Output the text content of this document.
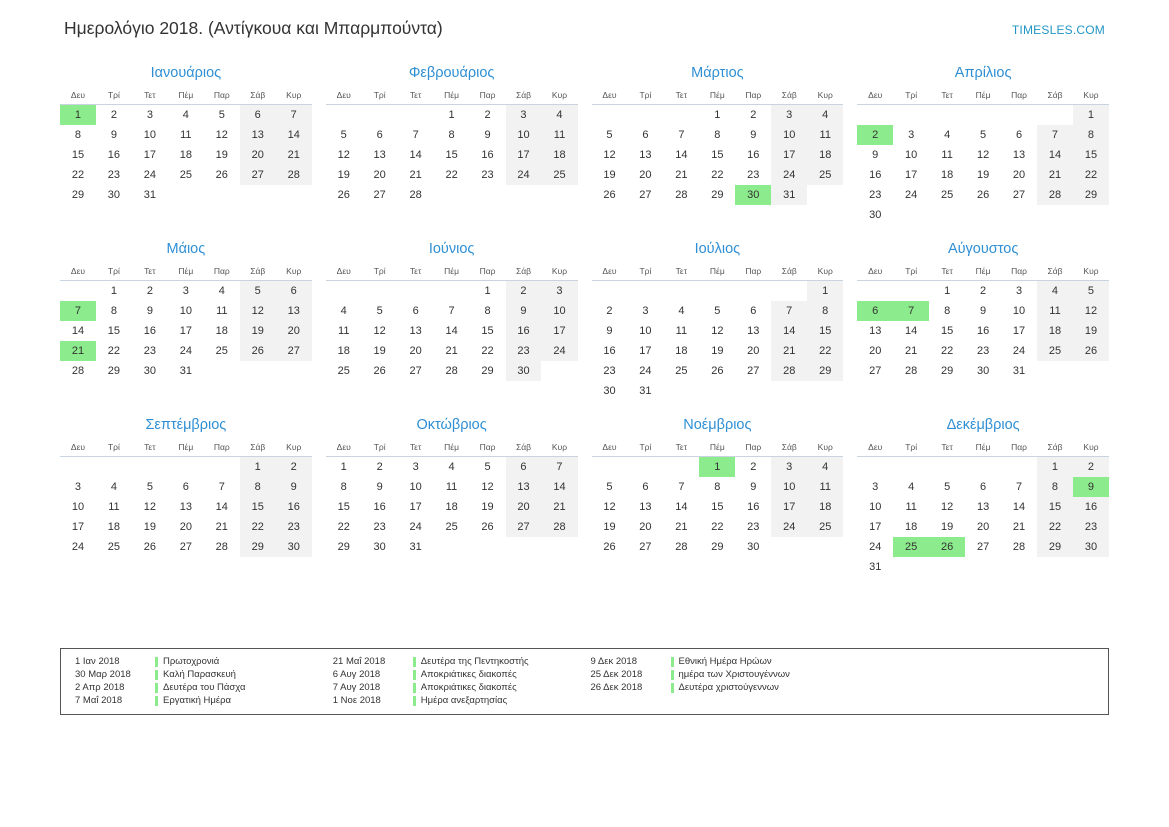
Ημερολόγιο 2018. (Αντίγκουα και Μπαρμπούντα)	TIMESLES.COM
Ιανουάριος
Δευ	Τρί	Τετ	Πέμ	Παρ	Σάβ	Κυρ
1	2	3	4	5	6	7
8	9	10	11	12	13	14
15	16	17	18	19	20	21
22	23	24	25	26	27	28
29	30	31				
Φεβρουάριος
Δευ	Τρί	Τετ	Πέμ	Παρ	Σάβ	Κυρ
			1	2	3	4
5	6	7	8	9	10	11
12	13	14	15	16	17	18
19	20	21	22	23	24	25
26	27	28				
Μάρτιος
Δευ	Τρί	Τετ	Πέμ	Παρ	Σάβ	Κυρ
			1	2	3	4
5	6	7	8	9	10	11
12	13	14	15	16	17	18
19	20	21	22	23	24	25
26	27	28	29	30	31	
Απρίλιος
Δευ	Τρί	Τετ	Πέμ	Παρ	Σάβ	Κυρ
						1
2	3	4	5	6	7	8
9	10	11	12	13	14	15
16	17	18	19	20	21	22
23	24	25	26	27	28	29
30						
Μάιος
Δευ	Τρί	Τετ	Πέμ	Παρ	Σάβ	Κυρ
	1	2	3	4	5	6
7	8	9	10	11	12	13
14	15	16	17	18	19	20
21	22	23	24	25	26	27
28	29	30	31			
Ιούνιος
Δευ	Τρί	Τετ	Πέμ	Παρ	Σάβ	Κυρ
				1	2	3
4	5	6	7	8	9	10
11	12	13	14	15	16	17
18	19	20	21	22	23	24
25	26	27	28	29	30	
Ιούλιος
Δευ	Τρί	Τετ	Πέμ	Παρ	Σάβ	Κυρ
						1
2	3	4	5	6	7	8
9	10	11	12	13	14	15
16	17	18	19	20	21	22
23	24	25	26	27	28	29
30	31					
Αύγουστος
Δευ	Τρί	Τετ	Πέμ	Παρ	Σάβ	Κυρ
		1	2	3	4	5
6	7	8	9	10	11	12
13	14	15	16	17	18	19
20	21	22	23	24	25	26
27	28	29	30	31		
Σεπτέμβριος
Δευ	Τρί	Τετ	Πέμ	Παρ	Σάβ	Κυρ
					1	2
3	4	5	6	7	8	9
10	11	12	13	14	15	16
17	18	19	20	21	22	23
24	25	26	27	28	29	30
Οκτώβριος
Δευ	Τρί	Τετ	Πέμ	Παρ	Σάβ	Κυρ
1	2	3	4	5	6	7
8	9	10	11	12	13	14
15	16	17	18	19	20	21
22	23	24	25	26	27	28
29	30	31				
Νοέμβριος
Δευ	Τρί	Τετ	Πέμ	Παρ	Σάβ	Κυρ
			1	2	3	4
5	6	7	8	9	10	11
12	13	14	15	16	17	18
19	20	21	22	23	24	25
26	27	28	29	30		
Δεκέμβριος
Δευ	Τρί	Τετ	Πέμ	Παρ	Σάβ	Κυρ
					1	2
3	4	5	6	7	8	9
10	11	12	13	14	15	16
17	18	19	20	21	22	23
24	25	26	27	28	29	30
31						
1 Ιαν 2018	Πρωτοχρονιά
30 Μαρ 2018	Καλή Παρασκευή
2 Απρ 2018	Δευτέρα του Πάσχα
7 Μαΐ 2018	Εργατική Ημέρα
21 Μαΐ 2018	Δευτέρα της Πεντηκοστής
6 Αυγ 2018	Αποκριάτικες διακοπές
7 Αυγ 2018	Αποκριάτικες διακοπές
1 Νοε 2018	Ημέρα ανεξαρτησίας
9 Δεκ 2018	Εθνική Ημέρα Ηρώων
25 Δεκ 2018	ημέρα των Χριστουγέννων
26 Δεκ 2018	Δευτέρα χριστούγεννων
